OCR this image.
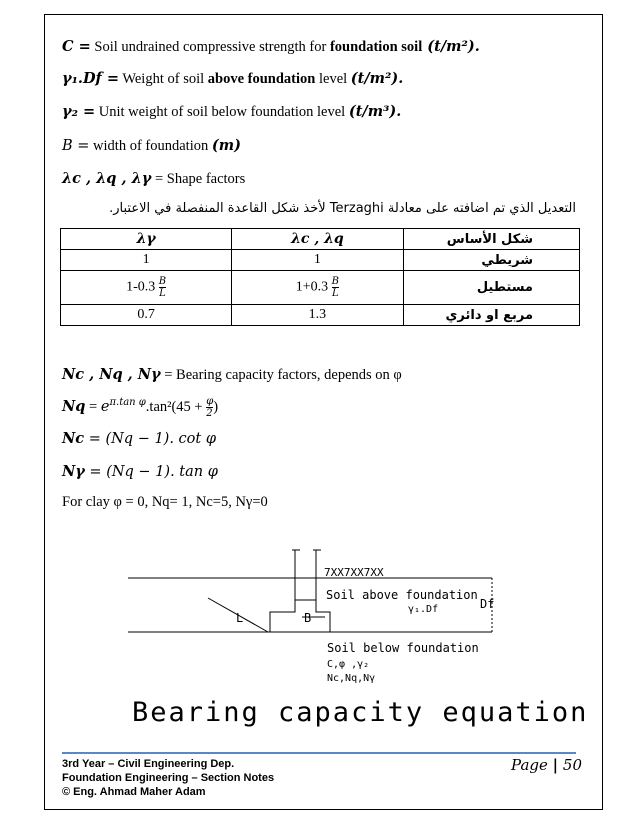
C = Soil undrained compressive strength for foundation soil (t/m²).
γ₁.Df = Weight of soil above foundation level (t/m²).
γ₂ = Unit weight of soil below foundation level (t/m³).
B = width of foundation (m)
λc , λq , λγ = Shape factors
التعديل الذي تم اضافته على معادلة Terzaghi لأخذ شكل القاعدة المنفصلة في الاعتبار.
λγ	λc , λq	شكل الأساس
1	1	شريطي
$1-0.3 \frac{B}{L}$	$1+0.3 \frac{B}{L}$	مستطيل
0.7	1.3	مربع او دائري
Nc , Nq , Nγ = Bearing capacity factors, depends on φ
$Nq = e^{\pi.tan \varphi}.\tan^2(45 + \frac{\varphi}{2}$ )
Nc = (Nq − 1). cot φ
Nγ = (Nq − 1). tan φ
For clay φ = 0, Nq= 1, Nc=5, Nγ=0
7XX7XX7XX
Soil above foundation
γ₁.Df	Df
L	B
Soil below foundation
C,φ ,γ₂
Nc,Nq,Nγ
Bearing capacity equation
3rd Year – Civil Engineering Dep.
Foundation Engineering – Section Notes
© Eng. Ahmad Maher Adam
Page | 50
